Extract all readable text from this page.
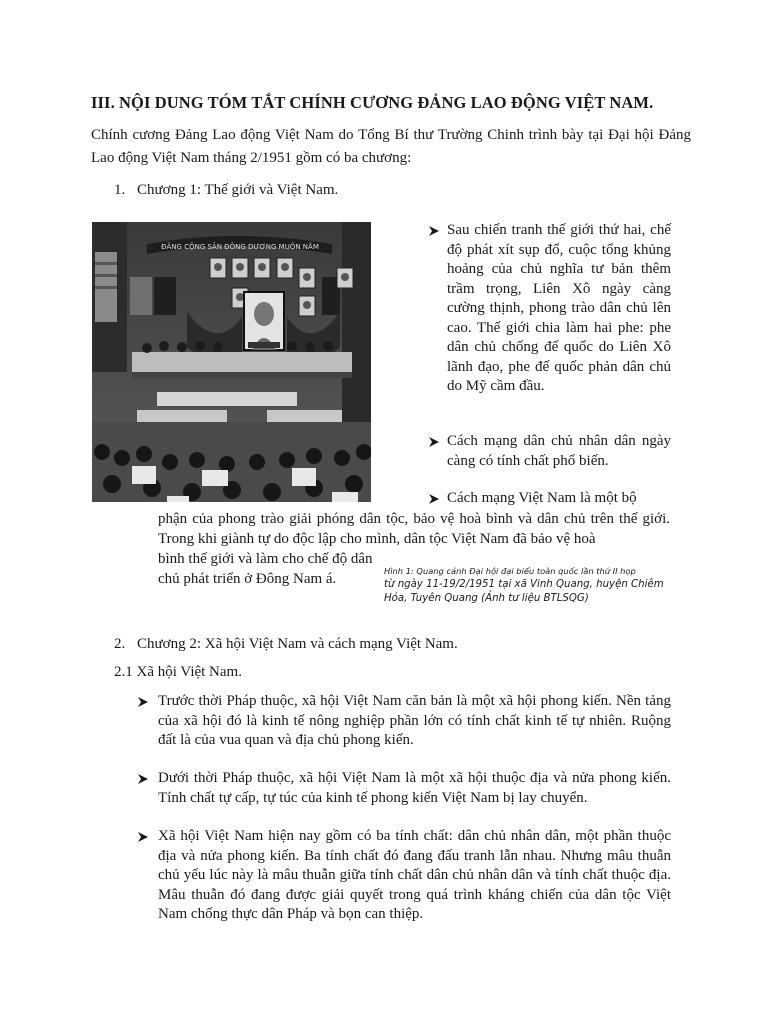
III. NỘI DUNG TÓM TẮT CHÍNH CƯƠNG ĐẢNG LAO ĐỘNG VIỆT NAM.
Chính cương Đảng Lao động Việt Nam do Tổng Bí thư Trường Chinh trình bày tại Đại hội Đảng Lao động Việt Nam tháng 2/1951 gồm có ba chương:
1. Chương 1: Thế giới và Việt Nam.
ĐẢNG CỘNG SẢN ĐÔNG DƯƠNG MUÔN NĂM
Sau chiến tranh thế giới thứ hai, chế độ phát xít sụp đổ, cuộc tổng khủng hoảng của chủ nghĩa tư bản thêm trầm trọng, Liên Xô ngày càng cường thịnh, phong trào dân chủ lên cao. Thế giới chia làm hai phe: phe dân chủ chống đế quốc do Liên Xô lãnh đạo, phe đế quốc phản dân chủ do Mỹ cầm đầu.
Cách mạng dân chủ nhân dân ngày càng có tính chất phổ biến.
Cách mạng Việt Nam là một bộ
phận của phong trào giải phóng dân tộc, bảo vệ hoà bình và dân chủ trên thế giới. Trong khi giành tự do độc lập cho mình, dân tộc Việt Nam đã bảo vệ hoà
bình thế giới và làm cho chế độ dân chủ phát triển ở Đông Nam á.	Hình 1: Quang cảnh Đại hội đại biểu toàn quốc lần thứ II họp
từ ngày 11-19/2/1951 tại xã Vinh Quang, huyện Chiêm Hóa, Tuyên Quang (Ảnh tư liệu BTLSQG)
2. Chương 2: Xã hội Việt Nam và cách mạng Việt Nam.
2.1 Xã hội Việt Nam.
Trước thời Pháp thuộc, xã hội Việt Nam căn bản là một xã hội phong kiến. Nền tảng của xã hội đó là kinh tế nông nghiệp phần lớn có tính chất kinh tế tự nhiên. Ruộng đất là của vua quan và địa chủ phong kiến.
Dưới thời Pháp thuộc, xã hội Việt Nam là một xã hội thuộc địa và nửa phong kiến. Tính chất tự cấp, tự túc của kinh tế phong kiến Việt Nam bị lay chuyển.
Xã hội Việt Nam hiện nay gồm có ba tính chất: dân chủ nhân dân, một phần thuộc địa và nửa phong kiến. Ba tính chất đó đang đấu tranh lẫn nhau. Nhưng mâu thuẫn chủ yếu lúc này là mâu thuẫn giữa tính chất dân chủ nhân dân và tính chất thuộc địa. Mâu thuẫn đó đang được giải quyết trong quá trình kháng chiến của dân tộc Việt Nam chống thực dân Pháp và bọn can thiệp.
